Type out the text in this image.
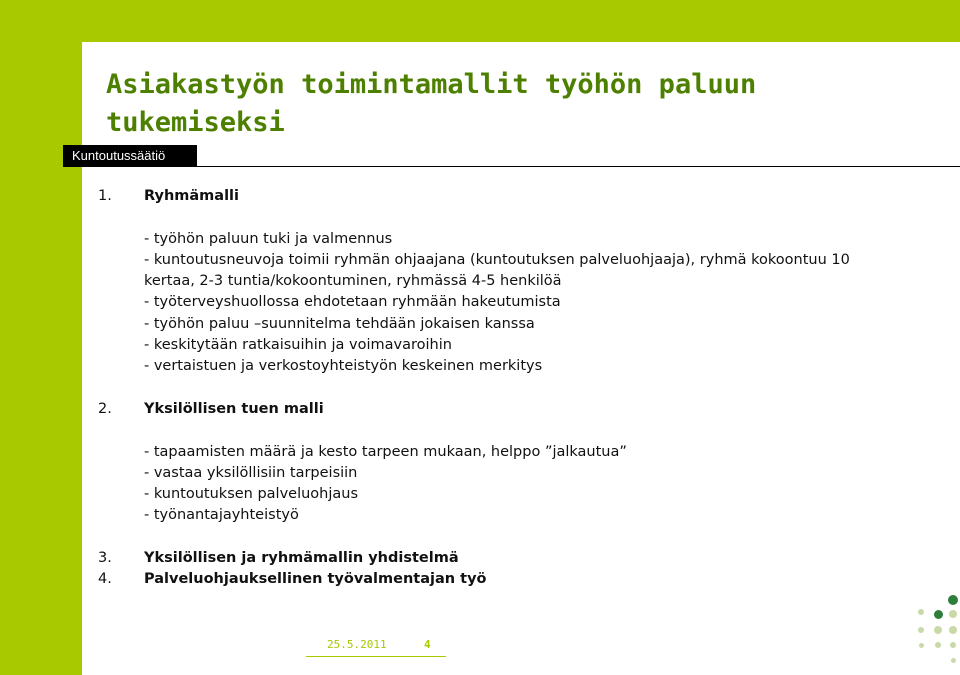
Asiakastyön toimintamallit työhön paluun tukemiseksi
Kuntoutussäätiö
1. Ryhmämalli
- työhön paluun tuki ja valmennus
- kuntoutusneuvoja toimii ryhmän ohjaajana (kuntoutuksen palveluohjaaja), ryhmä kokoontuu 10
kertaa, 2-3 tuntia/kokoontuminen, ryhmässä 4-5 henkilöä
- työterveyshuollossa ehdotetaan ryhmään hakeutumista
- työhön paluu –suunnitelma tehdään jokaisen kanssa
- keskitytään ratkaisuihin ja voimavaroihin
- vertaistuen ja verkostoyhteistyön keskeinen merkitys
2. Yksilöllisen tuen malli
- tapaamisten määrä ja kesto tarpeen mukaan, helppo ”jalkautua”
- vastaa yksilöllisiin tarpeisiin
- kuntoutuksen palveluohjaus
- työnantajayhteistyö
3. Yksilöllisen ja ryhmämallin yhdistelmä
4. Palveluohjauksellinen työvalmentajan työ
25.5.2011	4
